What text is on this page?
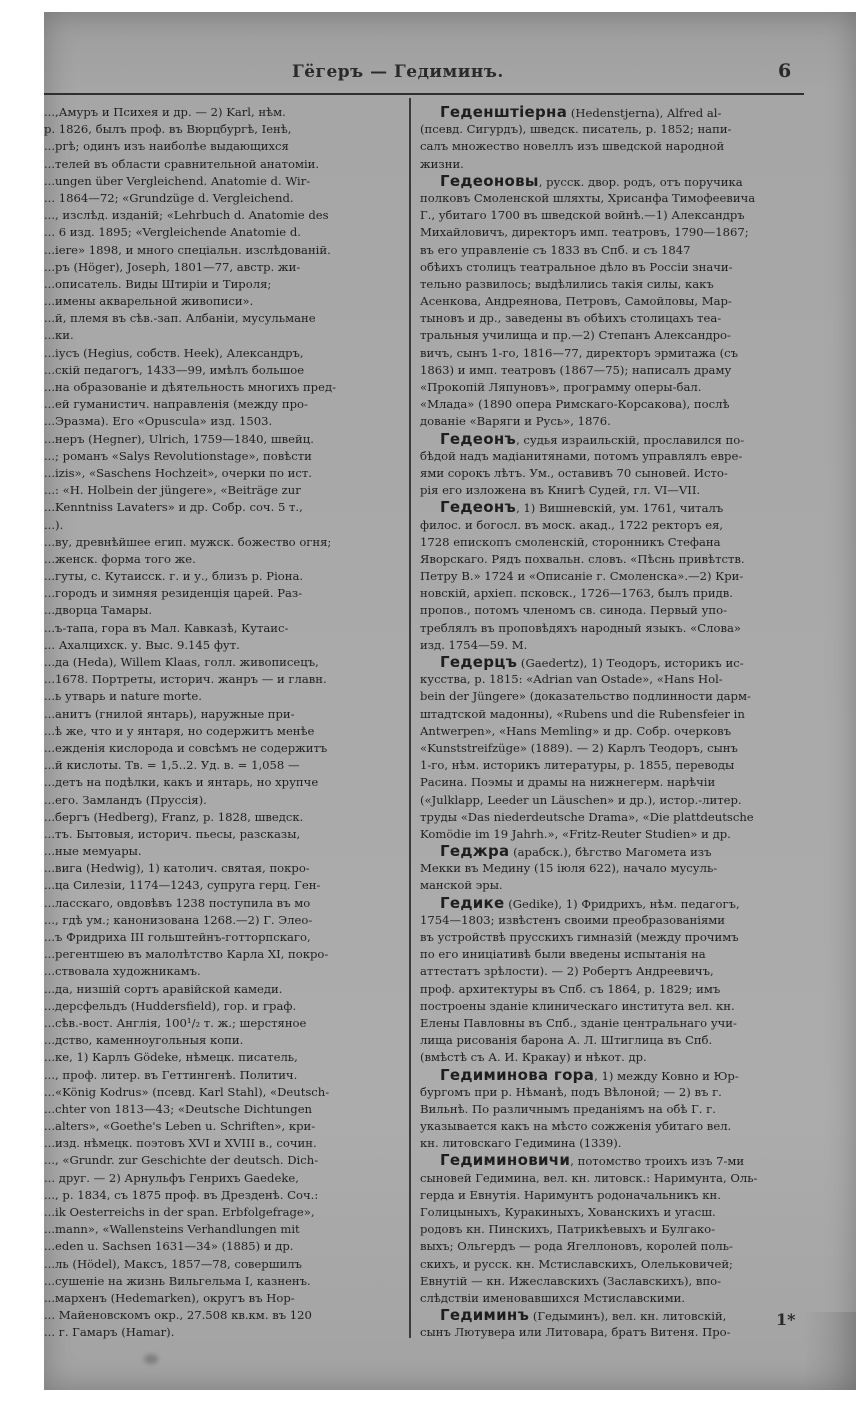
Гёгеръ — Гедиминъ.	6
...,Амуръ и Психея и др. — 2) Karl, нѣм.
р. 1826, былъ проф. въ Вюрцбургѣ, Іенѣ,
...ргѣ; одинъ изъ наиболѣе выдающихся
...телей въ области сравнительной анатоміи.
...ungen über Vergleichend. Anatomie d. Wir-
... 1864—72; «Grundzüge d. Vergleichend.
..., изслѣд. изданій; «Lehrbuch d. Anatomie des
... 6 изд. 1895; «Vergleichende Anatomie d.
...iere» 1898, и много спеціальн. изслѣдованій.
...ръ (Höger), Joseph, 1801—77, австр. жи-
...описатель. Виды Штиріи и Тироля;
...имены акварельной живописи».
...й, племя въ сѣв.-зап. Албаніи, мусульмане
...ки.
...іусъ (Hegius, собств. Heek), Александръ,
...скій педагогъ, 1433—99, имѣлъ большое
...на образованіе и дѣятельность многихъ пред-
...ей гуманистич. направленія (между про-
...Эразма). Его «Opuscula» изд. 1503.
...неръ (Hegner), Ulrich, 1759—1840, швейц.
...; романъ «Salys Revolutionstage», повѣсти
...izis», «Saschens Hochzeit», очерки по ист.
...: «H. Holbein der jüngere», «Beiträge zur
...Kenntniss Lavaters» и др. Собр. соч. 5 т.,
...).
...ву, древнѣйшее егип. мужск. божество огня;
...женск. форма того же.
...гуты, с. Кутаисск. г. и у., близъ р. Ріона.
...городъ и зимняя резиденція царей. Раз-
...дворца Тамары.
...ъ-тапа, гора въ Мал. Кавказѣ, Кутаис-
... Ахалцихск. у. Выс. 9.145 фут.
...да (Heda), Willem Klaas, голл. живописецъ,
...1678. Портреты, историч. жанръ — и главн.
...ь утварь и nature morte.
...анитъ (гнилой янтарь), наружные при-
...ѣ же, что и у янтаря, но содержитъ менѣе
...ежденія кислорода и совсѣмъ не содержитъ
...й кислоты. Тв. = 1,5..2. Уд. в. = 1,058 —
...детъ на подѣлки, какъ и янтарь, но хрупче
...его. Замландъ (Пруссія).
...бергъ (Hedberg), Franz, р. 1828, шведск.
...тъ. Бытовыя, историч. пьесы, разсказы,
...ные мемуары.
...вига (Hedwig), 1) католич. святая, покро-
...ца Силезіи, 1174—1243, супруга герц. Ген-
...ласскаго, овдовѣвъ 1238 поступила въ мо
..., гдѣ ум.; канонизована 1268.—2) Г. Элео-
...ъ Фридриха III гольштейнъ-готторпскаго,
...регентшею въ малолѣтство Карла XI, покро-
...ствовала художникамъ.
...да, низшій сортъ аравійской камеди.
...дерсфельдъ (Huddersfield), гор. и граф.
...сѣв.-вост. Англія, 100¹/₂ т. ж.; шерстяное
...дство, каменноугольныя копи.
...ке, 1) Карлъ Gödeke, нѣмецк. писатель,
..., проф. литер. въ Геттингенѣ. Политич.
...«König Kodrus» (псевд. Karl Stahl), «Deutsch-
...chter von 1813—43; «Deutsche Dichtungen
...alters», «Goethe's Leben u. Schriften», кри-
...изд. нѣмецк. поэтовъ XVI и XVIII в., сочин.
..., «Grundr. zur Geschichte der deutsch. Dich-
... друг. — 2) Арнульфъ Генрихъ Gaedeke,
..., р. 1834, съ 1875 проф. въ Дрезденѣ. Соч.:
...ik Oesterreichs in der span. Erbfolgefrage»,
...mann», «Wallensteins Verhandlungen mit
...eden u. Sachsen 1631—34» (1885) и др.
...ль (Hödel), Максъ, 1857—78, совершилъ
...сушеніе на жизнь Вильгельма I, казненъ.
...мархенъ (Hedemarken), округъ въ Нор-
... Майеновскомъ окр., 27.508 кв.км. въ 120
... г. Гамаръ (Hamar).
Геденштіерна (Hedenstjerna), Alfred al-
(псевд. Сигурдъ), шведск. писатель, р. 1852; напи-
салъ множество новеллъ изъ шведской народной
жизни.
Гедеоновы, русск. двор. родъ, отъ поручика
полковъ Смоленской шляхты, Хрисанфа Тимофеевича
Г., убитаго 1700 въ шведской войнѣ.—1) Александръ
Михайловичъ, директоръ имп. театровъ, 1790—1867;
въ его управленіе съ 1833 въ Спб. и съ 1847
обѣихъ столицъ театральное дѣло въ Россіи значи-
тельно развилось; выдѣлились такія силы, какъ
Асенкова, Андреянова, Петровъ, Самойловы, Мар-
тыновъ и др., заведены въ обѣихъ столицахъ теа-
тральныя училища и пр.—2) Степанъ Александро-
вичъ, сынъ 1-го, 1816—77, директоръ эрмитажа (съ
1863) и имп. театровъ (1867—75); написалъ драму
«Прокопій Ляпуновъ», программу оперы-бал.
«Млада» (1890 опера Римскаго-Корсакова), послѣ
дованіе «Варяги и Русь», 1876.
Гедеонъ, судья израильскій, прославился по-
бѣдой надъ мадіанитянами, потомъ управлялъ евре-
ями сорокъ лѣтъ. Ум., оставивъ 70 сыновей. Исто-
рія его изложена въ Книгѣ Судей, гл. VI—VII.
Гедеонъ, 1) Вишневскій, ум. 1761, читалъ
филос. и богосл. въ моск. акад., 1722 ректоръ ея,
1728 епископъ смоленскій, сторонникъ Стефана
Яворскаго. Рядъ похвальн. словъ. «Пѣснь привѣтств.
Петру В.» 1724 и «Описаніе г. Смоленска».—2) Кри-
новскій, архіеп. псковск., 1726—1763, былъ придв.
пропов., потомъ членомъ св. синода. Первый упо-
треблялъ въ проповѣдяхъ народный языкъ. «Слова»
изд. 1754—59. М.
Гедерцъ (Gaedertz), 1) Теодоръ, историкъ ис-
кусства, р. 1815: «Adrian van Ostade», «Hans Hol-
bein der Jüngere» (доказательство подлинности дарм-
штадтской мадонны), «Rubens und die Rubensfeier in
Antwerpen», «Hans Memling» и др. Собр. очерковъ
«Kunststreifzüge» (1889). — 2) Карлъ Теодоръ, сынъ
1-го, нѣм. историкъ литературы, р. 1855, переводы
Расина. Поэмы и драмы на нижнегерм. нарѣчіи
(«Julklapp, Leeder un Läuschen» и др.), истор.-литер.
труды «Das niederdeutsche Drama», «Die plattdeutsche
Komödie im 19 Jahrh.», «Fritz-Reuter Studien» и др.
Геджра (арабск.), бѣгство Магомета изъ
Мекки въ Медину (15 іюля 622), начало мусуль-
манской эры.
Гедике (Gedike), 1) Фридрихъ, нѣм. педагогъ,
1754—1803; извѣстенъ своими преобразованіями
въ устройствѣ прусскихъ гимназій (между прочимъ
по его иниціативѣ были введены испытанія на
аттестатъ зрѣлости). — 2) Робертъ Андреевичъ,
проф. архитектуры въ Спб. съ 1864, р. 1829; имъ
построены зданіе клиническаго института вел. кн.
Елены Павловны въ Спб., зданіе центральнаго учи-
лища рисованія барона А. Л. Штиглица въ Спб.
(вмѣстѣ съ А. И. Кракау) и нѣкот. др.
Гедиминова гора, 1) между Ковно и Юр-
бургомъ при р. Нѣманѣ, подъ Вѣлоной; — 2) въ г.
Вильнѣ. По различнымъ преданіямъ на обѣ Г. г.
указывается какъ на мѣсто сожженія убитаго вел.
кн. литовскаго Гедимина (1339).
Гедиминовичи, потомство троихъ изъ 7-ми
сыновей Гедимина, вел. кн. литовск.: Наримунта, Оль-
герда и Евнутія. Наримунтъ родоначальникъ кн.
Голицыныхъ, Куракиныхъ, Хованскихъ и угасш.
родовъ кн. Пинскихъ, Патрикѣевыхъ и Булгако-
выхъ; Ольгердъ — рода Ягеллоновъ, королей поль-
скихъ, и русск. кн. Мстиславскихъ, Олельковичей;
Евнутій — кн. Ижеславскихъ (Заславскихъ), впо-
слѣдствіи именовавшихся Мстиславскими.
Гедиминъ (Гедыминъ), вел. кн. литовскій,
сынъ Лютувера или Литовара, братъ Витеня. Про-
1*
